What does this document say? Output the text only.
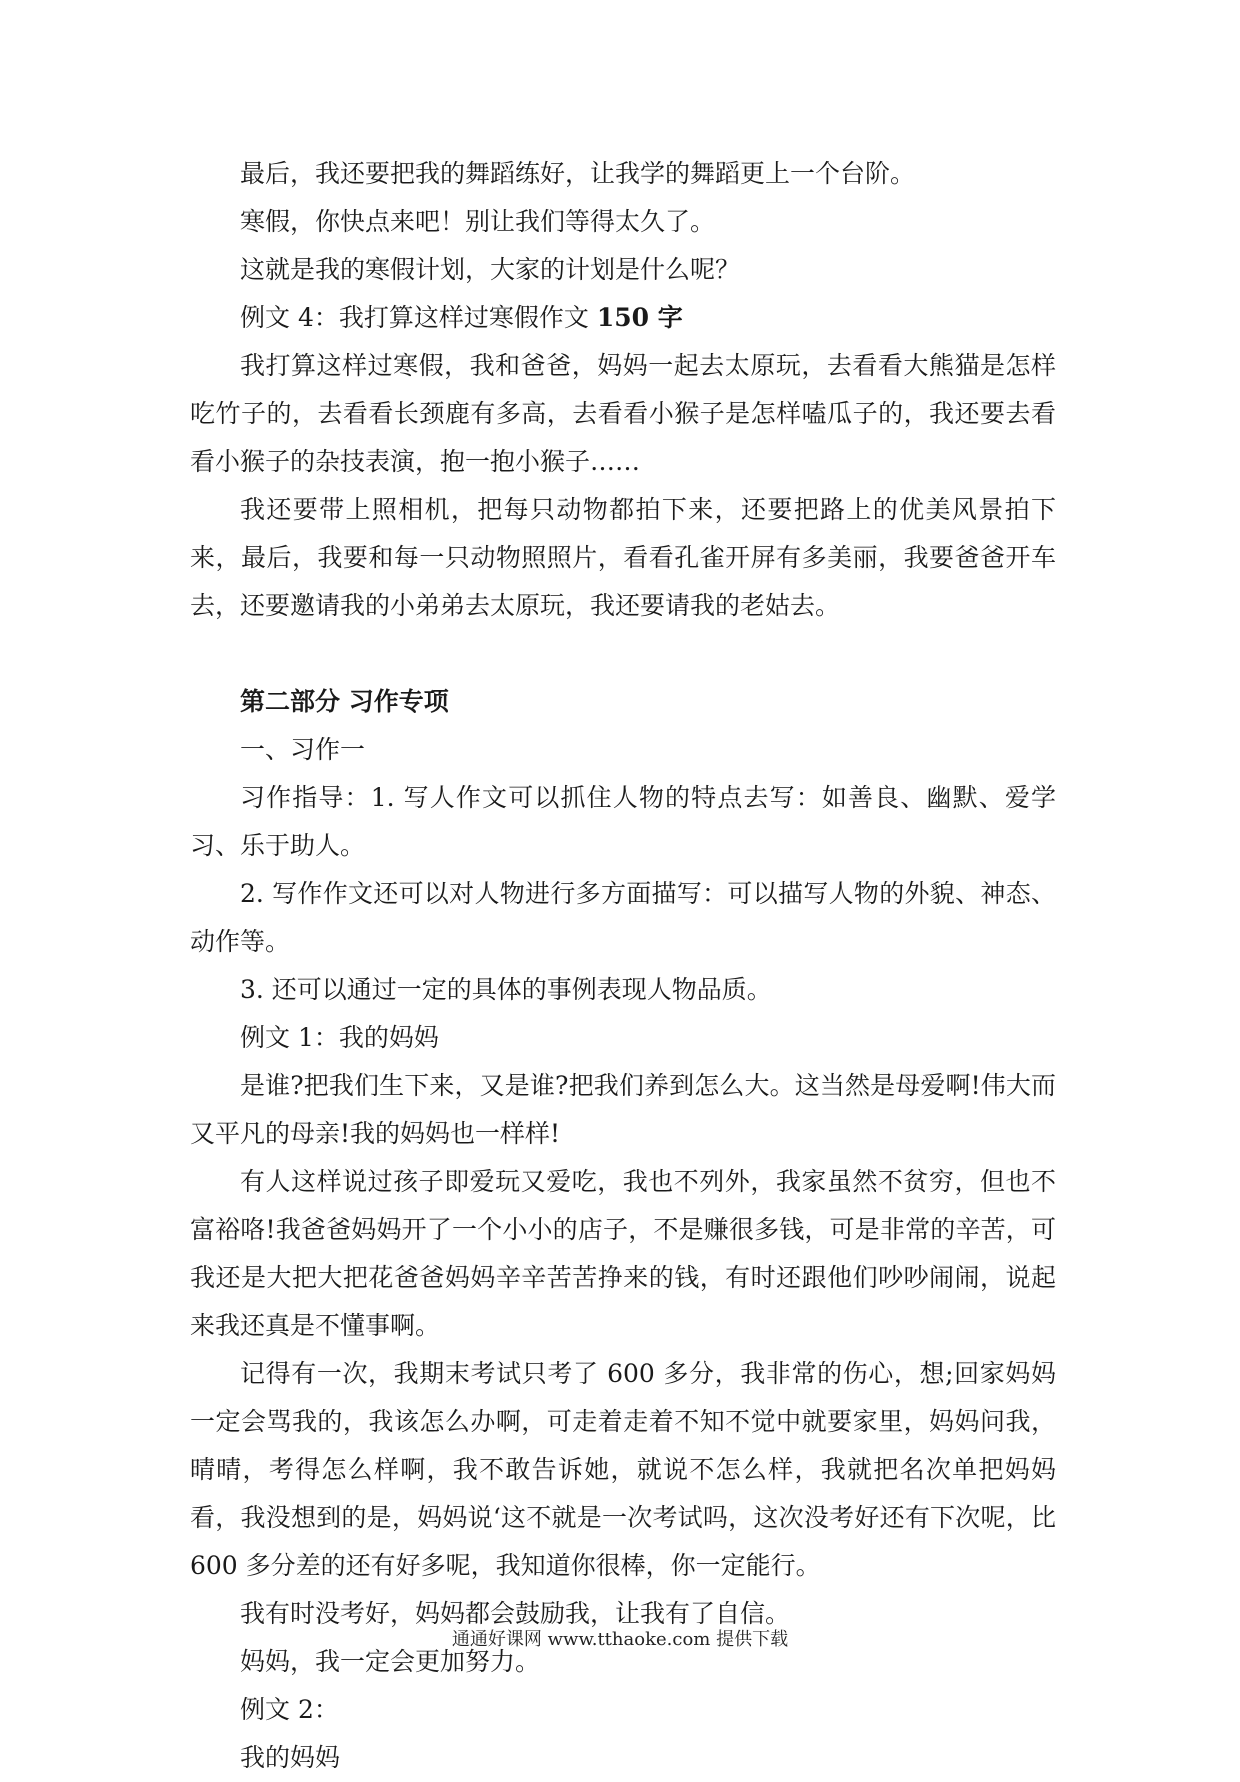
最后，我还要把我的舞蹈练好，让我学的舞蹈更上一个台阶。

寒假，你快点来吧！别让我们等得太久了。

这就是我的寒假计划，大家的计划是什么呢？

例文 4：我打算这样过寒假作文 150 字

我打算这样过寒假，我和爸爸，妈妈一起去太原玩，去看看大熊猫是怎样吃竹子的，去看看长颈鹿有多高，去看看小猴子是怎样嗑瓜子的，我还要去看看小猴子的杂技表演，抱一抱小猴子……

我还要带上照相机，把每只动物都拍下来，还要把路上的优美风景拍下来，最后，我要和每一只动物照照片，看看孔雀开屏有多美丽，我要爸爸开车去，还要邀请我的小弟弟去太原玩，我还要请我的老姑去。

第二部分 习作专项

一、习作一

习作指导：1. 写人作文可以抓住人物的特点去写：如善良、幽默、爱学习、乐于助人。

2. 写作作文还可以对人物进行多方面描写：可以描写人物的外貌、神态、动作等。

3. 还可以通过一定的具体的事例表现人物品质。

例文 1：我的妈妈

是谁?把我们生下来，又是谁?把我们养到怎么大。这当然是母爱啊!伟大而又平凡的母亲!我的妈妈也一样样!

有人这样说过孩子即爱玩又爱吃，我也不列外，我家虽然不贫穷，但也不富裕咯!我爸爸妈妈开了一个小小的店子，不是赚很多钱，可是非常的辛苦，可我还是大把大把花爸爸妈妈辛辛苦苦挣来的钱，有时还跟他们吵吵闹闹，说起来我还真是不懂事啊。

记得有一次，我期末考试只考了 600 多分，我非常的伤心，想;回家妈妈一定会骂我的，我该怎么办啊，可走着走着不知不觉中就要家里，妈妈问我，晴晴，考得怎么样啊，我不敢告诉她，就说不怎么样，我就把名次单把妈妈看，我没想到的是，妈妈说‘这不就是一次考试吗，这次没考好还有下次呢，比 600 多分差的还有好多呢，我知道你很棒，你一定能行。

我有时没考好，妈妈都会鼓励我，让我有了自信。

妈妈，我一定会更加努力。

例文 2：

我的妈妈

通通好课网 www.tthaoke.com 提供下载
